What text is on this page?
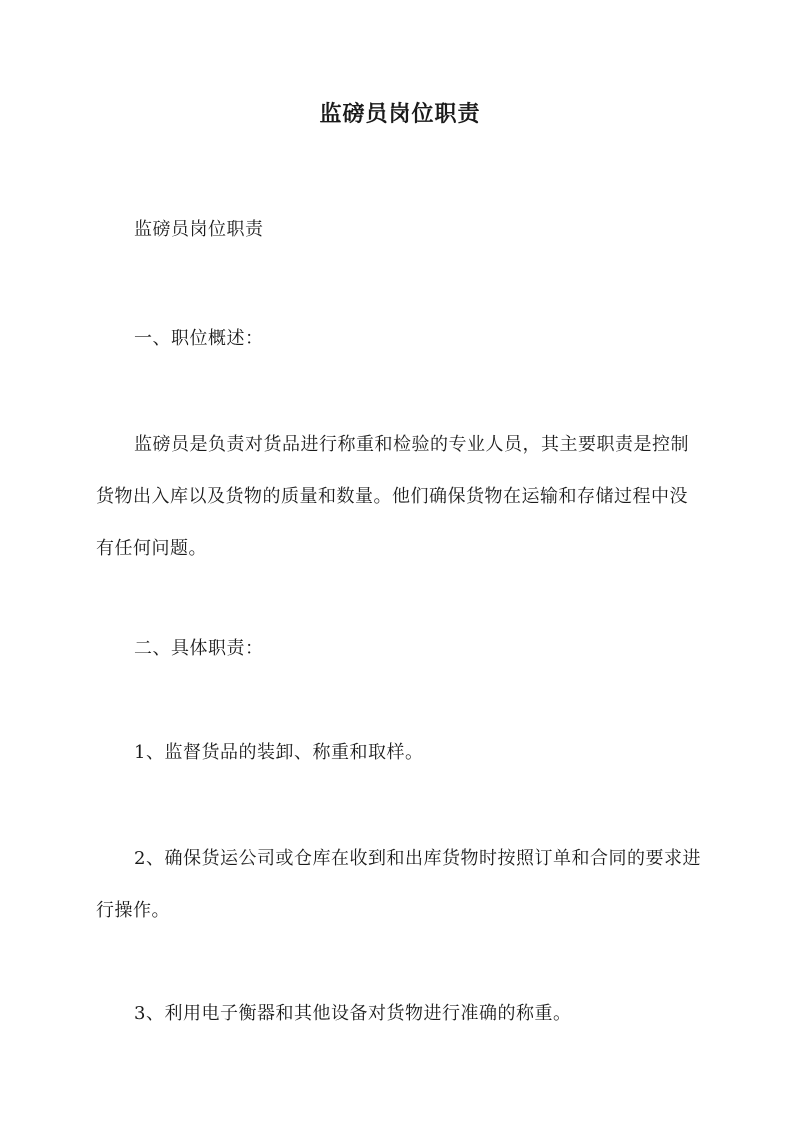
监磅员岗位职责
监磅员岗位职责
一、职位概述：
监磅员是负责对货品进行称重和检验的专业人员，其主要职责是控制货物出入库以及货物的质量和数量。他们确保货物在运输和存储过程中没有任何问题。
二、具体职责：
1、监督货品的装卸、称重和取样。
2、确保货运公司或仓库在收到和出库货物时按照订单和合同的要求进行操作。
3、利用电子衡器和其他设备对货物进行准确的称重。
